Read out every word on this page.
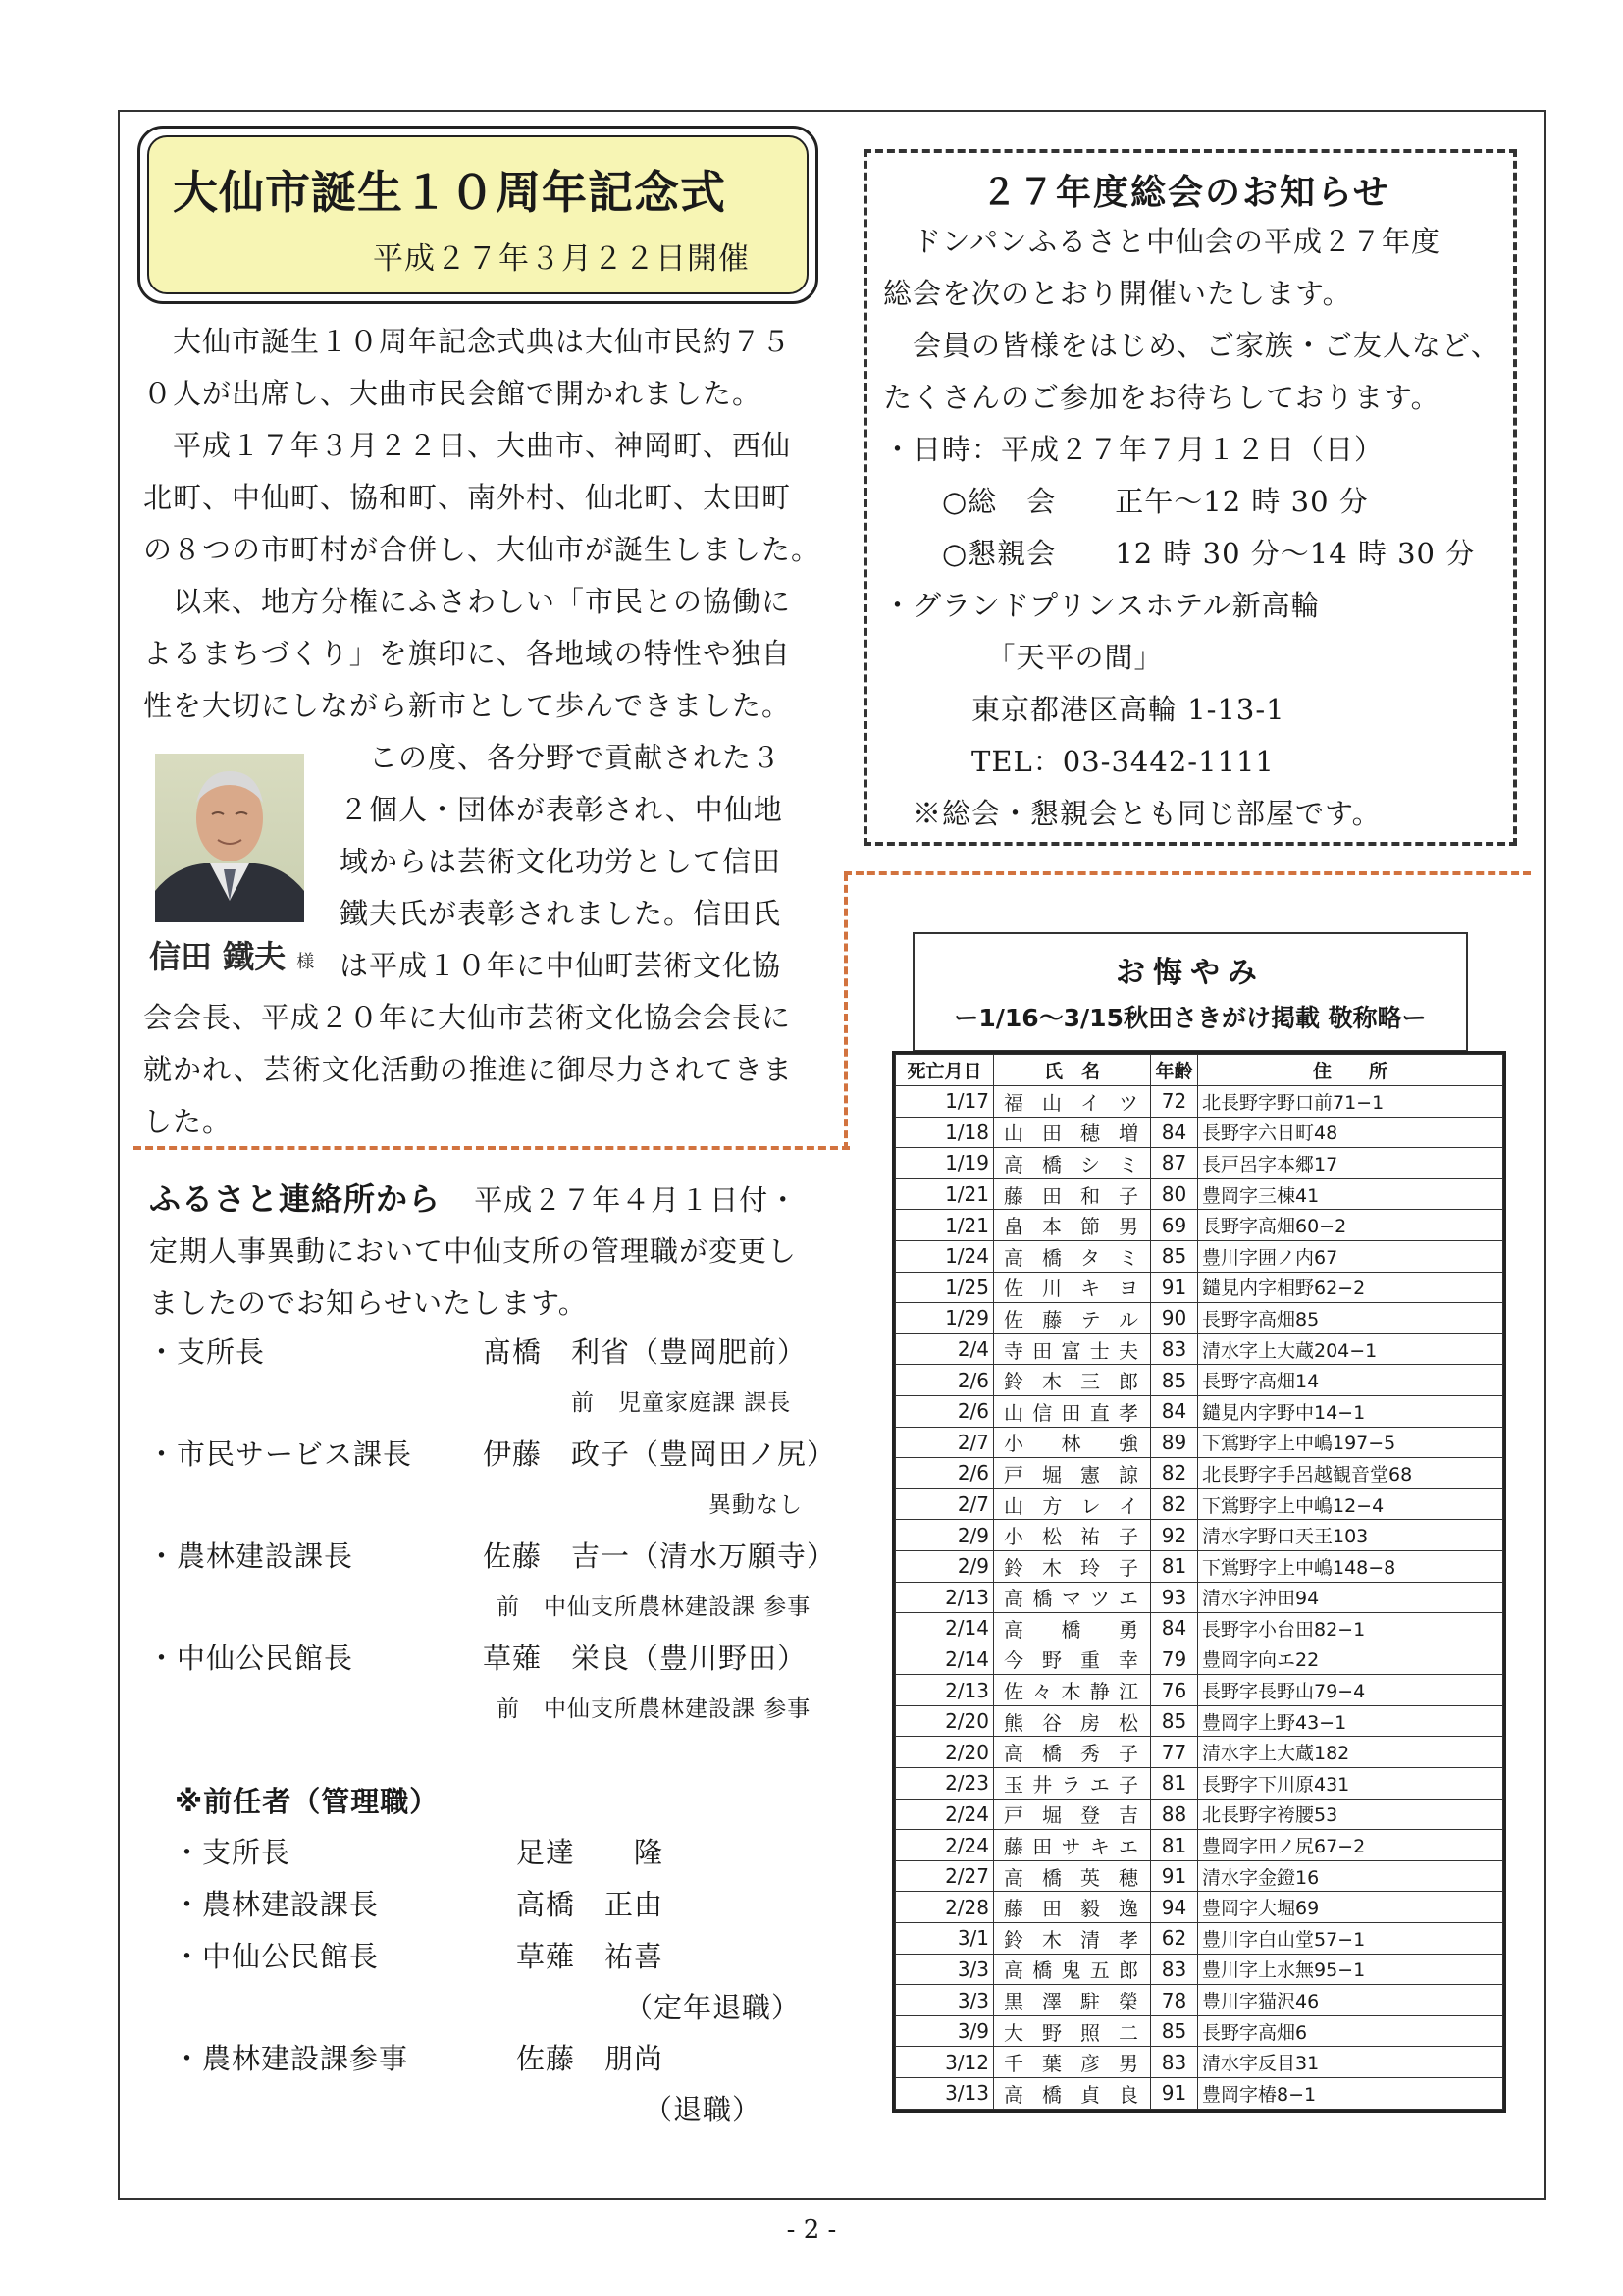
大仙市誕生１０周年記念式
平成２７年３月２２日開催

　大仙市誕生１０周年記念式典は大仙市民約７５

０人が出席し、大曲市民会館で開かれました。

　平成１７年３月２２日、大曲市、神岡町、西仙

北町、中仙町、協和町、南外村、仙北町、太田町

の８つの市町村が合併し、大仙市が誕生しました。

　以来、地方分権にふさわしい「市民との協働に

よるまちづくり」を旗印に、各地域の特性や独自

性を大切にしながら新市として歩んできました。

信田 鐵夫 様

　この度、各分野で貢献された３

２個人・団体が表彰され、中仙地

域からは芸術文化功労として信田

鐵夫氏が表彰されました。信田氏

は平成１０年に中仙町芸術文化協

会会長、平成２０年に大仙市芸術文化協会会長に

就かれ、芸術文化活動の推進に御尽力されてきま

した。

２７年度総会のお知らせ

　ドンパンふるさと中仙会の平成２７年度

総会を次のとおり開催いたします。

　会員の皆様をはじめ、ご家族・ご友人など、

たくさんのご参加をお待ちしております。

・日時：平成２７年７月１２日（日）

　　○総　会　　正午～12 時 30 分

　　○懇親会　　12 時 30 分～14 時 30 分

・グランドプリンスホテル新高輪

　　　　「天平の間」

　　　東京都港区高輪 1-13-1

　　　TEL：03-3442-1111

　※総会・懇親会とも同じ部屋です。

ふるさと連絡所から 平成２７年４月１日付・

定期人事異動において中仙支所の管理職が変更し

ましたのでお知らせいたします。

・支所長	髙橋　利省（豊岡肥前）
前　児童家庭課 課長
・市民サービス課長 伊藤　政子（豊岡田ノ尻）
異動なし
・農林建設課長	佐藤　吉一（清水万願寺）
前　中仙支所農林建設課 参事
・中仙公民館長	草薙　栄良（豊川野田）
前　中仙支所農林建設課 参事
※前任者（管理職）
・支所長	足達　　隆
・農林建設課長	高橋　正由
・中仙公民館長	草薙　祐喜
（定年退職）
・農林建設課参事	佐藤　朋尚
（退職）
お悔やみ
ー1/16～3/15秋田さきがけ掲載 敬称略ー
死亡月日	氏　名	年齢	住　　所
1/17	福山イツ	72	北長野字野口前71−1
1/18	山田穂増	84	長野字六日町48
1/19	高橋シミ	87	長戸呂字本郷17
1/21	藤田和子	80	豊岡字三棟41
1/21	畠本節男	69	長野字高畑60−2
1/24	高橋タミ	85	豊川字囲ノ内67
1/25	佐川キヨ	91	鑓見内字相野62−2
1/29	佐藤テル	90	長野字高畑85
2/4	寺田富士夫	83	清水字上大蔵204−1
2/6	鈴木三郎	85	長野字高畑14
2/6	山信田直孝	84	鑓見内字野中14−1
2/7	小林強	89	下鴬野字上中嶋197−5
2/6	戸堀憲諒	82	北長野字手呂越観音堂68
2/7	山方レイ	82	下鴬野字上中嶋12−4
2/9	小松祐子	92	清水字野口天王103
2/9	鈴木玲子	81	下鴬野字上中嶋148−8
2/13	高橋マツエ	93	清水字沖田94
2/14	高橋勇	84	長野字小台田82−1
2/14	今野重幸	79	豊岡字向エ22
2/13	佐々木静江	76	長野字長野山79−4
2/20	熊谷房松	85	豊岡字上野43−1
2/20	高橋秀子	77	清水字上大蔵182
2/23	玉井ラエ子	81	長野字下川原431
2/24	戸堀登吉	88	北長野字袴腰53
2/24	藤田サキエ	81	豊岡字田ノ尻67−2
2/27	高橋英穂	91	清水字金鐙16
2/28	藤田毅逸	94	豊岡字大堀69
3/1	鈴木清孝	62	豊川字白山堂57−1
3/3	高橋鬼五郎	83	豊川字上水無95−1
3/3	黒澤駐榮	78	豊川字猫沢46
3/9	大野照二	85	長野字高畑6
3/12	千葉彦男	83	清水字反目31
3/13	高橋貞良	91	豊岡字椿8−1
- 2 -
